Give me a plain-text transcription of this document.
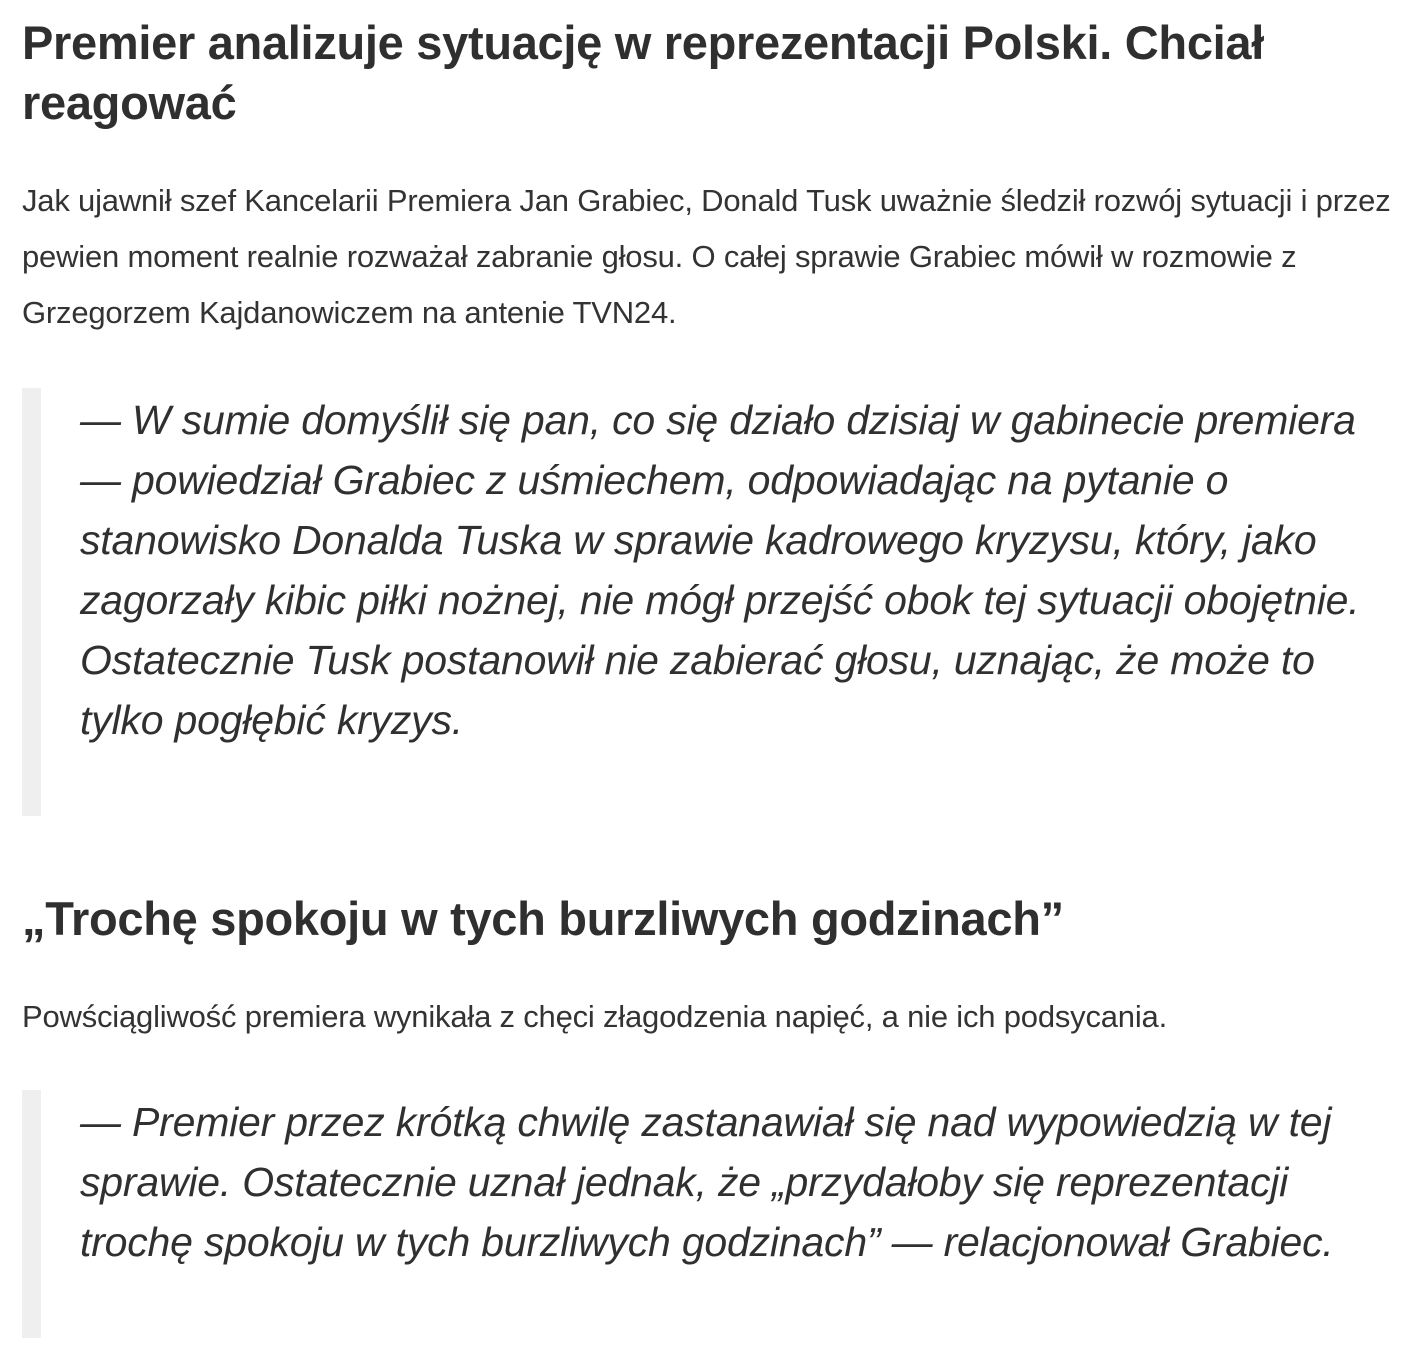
Premier analizuje sytuację w reprezentacji Polski. Chciał reagować

Jak ujawnił szef Kancelarii Premiera Jan Grabiec, Donald Tusk uważnie śledził rozwój sytuacji i przez pewien moment realnie rozważał zabranie głosu. O całej sprawie Grabiec mówił w rozmowie z Grzegorzem Kajdanowiczem na antenie TVN24.

— W sumie domyślił się pan, co się działo dzisiaj w gabinecie premiera — powiedział Grabiec z uśmiechem, odpowiadając na pytanie o stanowisko Donalda Tuska w sprawie kadrowego kryzysu, który, jako zagorzały kibic piłki nożnej, nie mógł przejść obok tej sytuacji obojętnie. Ostatecznie Tusk postanowił nie zabierać głosu, uznając, że może to tylko pogłębić kryzys.
„Trochę spokoju w tych burzliwych godzinach”

Powściągliwość premiera wynikała z chęci złagodzenia napięć, a nie ich podsycania.

— Premier przez krótką chwilę zastanawiał się nad wypowiedzią w tej sprawie. Ostatecznie uznał jednak, że „przydałoby się reprezentacji trochę spokoju w tych burzliwych godzinach” — relacjonował Grabiec.
